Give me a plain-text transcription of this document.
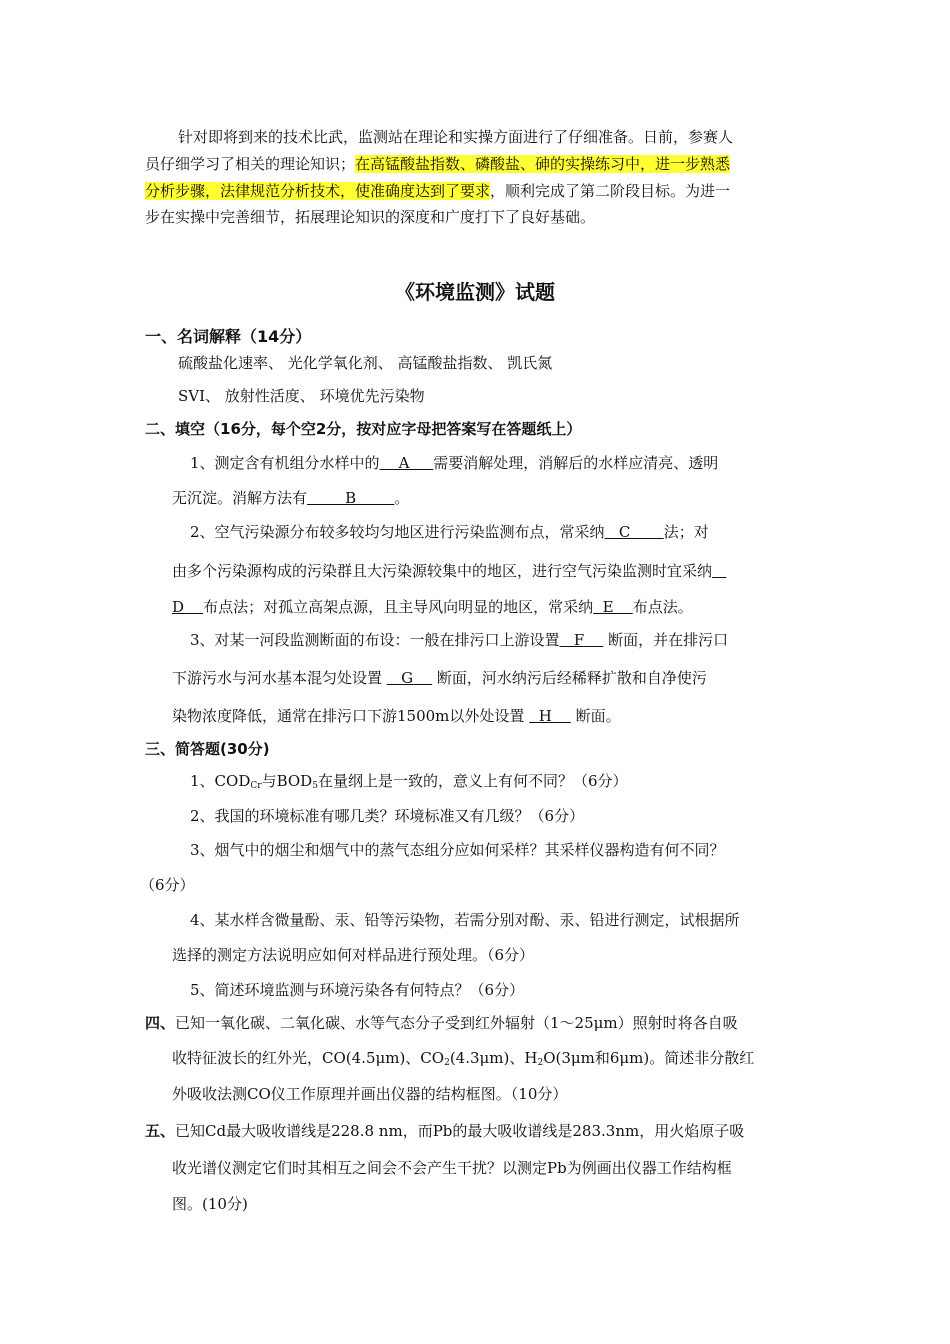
针对即将到来的技术比武，监测站在理论和实操方面进行了仔细准备。日前，参赛人
员仔细学习了相关的理论知识；在高锰酸盐指数、磷酸盐、砷的实操练习中，进一步熟悉
分析步骤，法律规范分析技术，使准确度达到了要求，顺利完成了第二阶段目标。为进一
步在实操中完善细节，拓展理论知识的深度和广度打下了良好基础。
《环境监测》试题
一、名词解释（14分）
硫酸盐化速率、 光化学氧化剂、 高锰酸盐指数、 凯氏氮
SVI、 放射性活度、 环境优先污染物
二、填空（16分，每个空2分，按对应字母把答案写在答题纸上）
1、测定含有机组分水样中的    A     需要消解处理，消解后的水样应清亮、透明
无沉淀。消解方法有        B        。
2、空气污染源分布较多较均匀地区进行污染监测布点，常采纳   C       法；对
由多个污染源构成的污染群且大污染源较集中的地区，进行空气污染监测时宜采纳
D    布点法；对孤立高架点源，且主导风向明显的地区，常采纳  E    布点法。
3、对某一河段监测断面的布设：一般在排污口上游设置   F     断面，并在排污口
下游污水与河水基本混匀处设置    G     断面，河水纳污后经稀释扩散和自净使污
染物浓度降低，通常在排污口下游1500m以外处设置   H     断面。
三、简答题(30分)
1、$COD_{Cr}$与$BOD_5$在量纲上是一致的，意义上有何不同？（6分）
2、我国的环境标准有哪几类？环境标准又有几级？（6分）
3、烟气中的烟尘和烟气中的蒸气态组分应如何采样？其采样仪器构造有何不同？
（6分）
4、某水样含微量酚、汞、铅等污染物，若需分别对酚、汞、铅进行测定，试根据所
选择的测定方法说明应如何对样品进行预处理。（6分）
5、简述环境监测与环境污染各有何特点？（6分）
四、已知一氧化碳、二氧化碳、水等气态分子受到红外辐射（1～25μm）照射时将各自吸
收特征波长的红外光，CO(4.5μm)、$CO_2(4.3\mu m)$、$H_2O(3\mu m$和6μm)。简述非分散红
外吸收法测CO仪工作原理并画出仪器的结构框图。（10分）
五、已知Cd最大吸收谱线是228.8 nm，而Pb的最大吸收谱线是283.3nm，用火焰原子吸
收光谱仪测定它们时其相互之间会不会产生干扰？以测定Pb为例画出仪器工作结构框
图。(10分)
